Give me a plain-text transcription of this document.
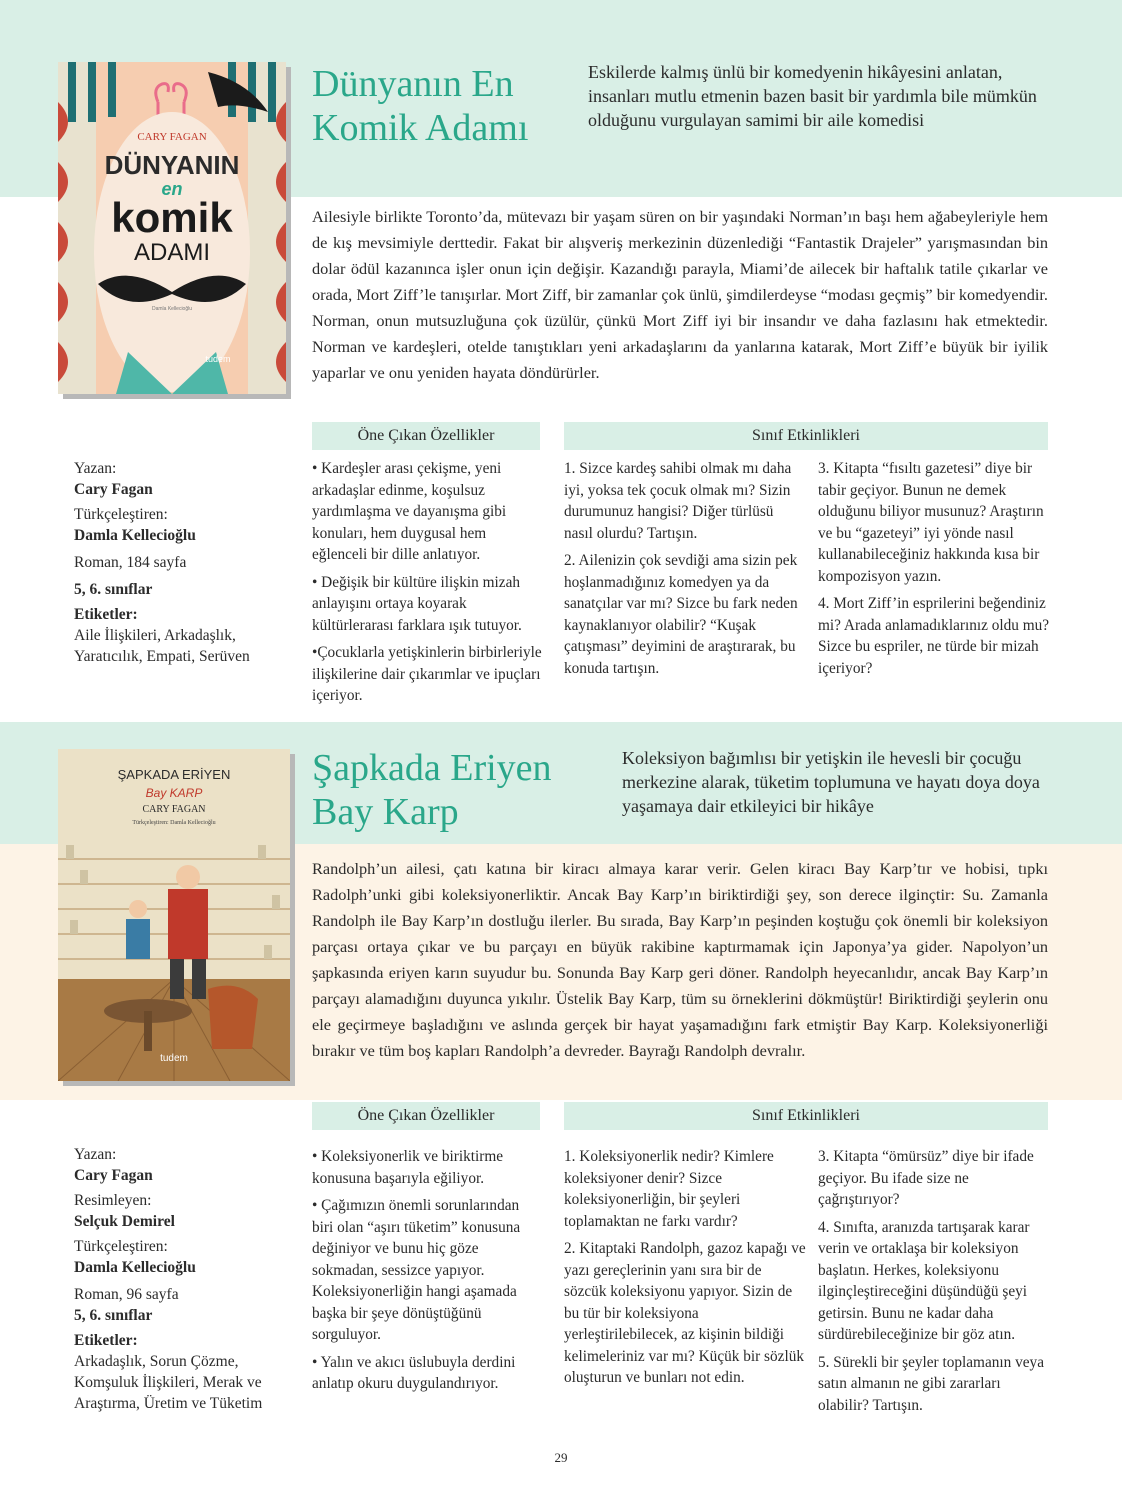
CARY FAGAN
DÜNYANIN
en
komik
ADAMI
Damla Kellecioğlu
tudem
Dünyanın En
Komik Adamı

Eskilerde kalmış ünlü bir komedyenin hikâyesini anlatan, insanları mutlu etmenin bazen basit bir yardımla bile mümkün olduğunu vurgulayan samimi bir aile komedisi

Ailesiyle birlikte Toronto’da, mütevazı bir yaşam süren on bir yaşındaki Norman’ın başı hem ağabeyleriyle hem de kış mevsimiyle derttedir. Fakat bir alışveriş merkezinin düzenlediği “Fantastik Drajeler” yarışmasından bin dolar ödül kazanınca işler onun için değişir. Kazandığı parayla, Miami’de ailecek bir haftalık tatile çıkarlar ve orada, Mort Ziff’le tanışırlar. Mort Ziff, bir zamanlar çok ünlü, şimdilerdeyse “modası geçmiş” bir komedyendir. Norman, onun mutsuzluğuna çok üzülür, çünkü Mort Ziff iyi bir insandır ve daha fazlasını hak etmektedir. Norman ve kardeşleri, otelde tanıştıkları yeni arkadaşlarını da yanlarına katarak, Mort Ziff’e büyük bir iyilik yaparlar ve onu yeniden hayata döndürürler.

Öne Çıkan Özellikler	Sınıf Etkinlikleri
Yazan:
Cary Fagan
Türkçeleştiren:
Damla Kellecioğlu
Roman, 184 sayfa
5, 6. sınıflar
Etiketler:
Aile İlişkileri, Arkadaşlık, Yaratıcılık, Empati, Serüven

• Kardeşler arası çekişme, yeni arkadaşlar edinme, koşulsuz yardımlaşma ve dayanışma gibi konuları, hem duygusal hem eğlenceli bir dille anlatıyor.

• Değişik bir kültüre ilişkin mizah anlayışını ortaya koyarak kültürlerarası farklara ışık tutuyor.

•Çocuklarla yetişkinlerin birbirleriyle ilişkilerine dair çıkarımlar ve ipuçları içeriyor.

1. Sizce kardeş sahibi olmak mı daha iyi, yoksa tek çocuk olmak mı? Sizin durumunuz hangisi? Diğer türlüsü nasıl olurdu? Tartışın.

2. Ailenizin çok sevdiği ama sizin pek hoşlanmadığınız komedyen ya da sanatçılar var mı? Sizce bu fark neden kaynaklanıyor olabilir? “Kuşak çatışması” deyimini de araştırarak, bu konuda tartışın.

3. Kitapta “fısıltı gazetesi” diye bir tabir geçiyor. Bunun ne demek olduğunu biliyor musunuz? Araştırın ve bu “gazeteyi” iyi yönde nasıl kullanabileceğiniz hakkında kısa bir kompozisyon yazın.

4. Mort Ziff’in esprilerini beğendiniz mi? Arada anlamadıklarınız oldu mu? Sizce bu espriler, ne türde bir mizah içeriyor?

ŞAPKADA ERİYEN
Bay KARP
CARY FAGAN
Türkçeleştiren: Damla Kellecioğlu
tudem
Şapkada Eriyen
Bay Karp

Koleksiyon bağımlısı bir yetişkin ile hevesli bir çocuğu merkezine alarak, tüketim toplumuna ve hayatı doya doya yaşamaya dair etkileyici bir hikâye

Randolph’un ailesi, çatı katına bir kiracı almaya karar verir. Gelen kiracı Bay Karp’tır ve hobisi, tıpkı Radolph’unki gibi koleksiyonerliktir. Ancak Bay Karp’ın biriktirdiği şey, son derece ilginçtir: Su. Zamanla Randolph ile Bay Karp’ın dostluğu ilerler. Bu sırada, Bay Karp’ın peşinden koştuğu çok önemli bir koleksiyon parçası ortaya çıkar ve bu parçayı en büyük rakibine kaptırmamak için Japonya’ya gider. Napolyon’un şapkasında eriyen karın suyudur bu. Sonunda Bay Karp geri döner. Randolph heyecanlıdır, ancak Bay Karp’ın parçayı alamadığını duyunca yıkılır. Üstelik Bay Karp, tüm su örneklerini dökmüştür! Biriktirdiği şeylerin onu ele geçirmeye başladığını ve aslında gerçek bir hayat yaşamadığını fark etmiştir Bay Karp. Koleksiyonerliği bırakır ve tüm boş kapları Randolph’a devreder. Bayrağı Randolph devralır.

Öne Çıkan Özellikler	Sınıf Etkinlikleri
Yazan:
Cary Fagan
Resimleyen:
Selçuk Demirel
Türkçeleştiren:
Damla Kellecioğlu
Roman, 96 sayfa
5, 6. sınıflar
Etiketler:
Arkadaşlık, Sorun Çözme, Komşuluk İlişkileri, Merak ve Araştırma, Üretim ve Tüketim

• Koleksiyonerlik ve biriktirme konusuna başarıyla eğiliyor.

• Çağımızın önemli sorunlarından biri olan “aşırı tüketim” konusuna değiniyor ve bunu hiç göze sokmadan, sessizce yapıyor. Koleksiyonerliğin hangi aşamada başka bir şeye dönüştüğünü sorguluyor.

• Yalın ve akıcı üslubuyla derdini anlatıp okuru duygulandırıyor.

1. Koleksiyonerlik nedir? Kimlere koleksiyoner denir? Sizce koleksiyonerliğin, bir şeyleri toplamaktan ne farkı vardır?

2. Kitaptaki Randolph, gazoz kapağı ve yazı gereçlerinin yanı sıra bir de sözcük koleksiyonu yapıyor. Sizin de bu tür bir koleksiyona yerleştirilebilecek, az kişinin bildiği kelimeleriniz var mı? Küçük bir sözlük oluşturun ve bunları not edin.

3. Kitapta “ömürsüz” diye bir ifade geçiyor. Bu ifade size ne çağrıştırıyor?

4. Sınıfta, aranızda tartışarak karar verin ve ortaklaşa bir koleksiyon başlatın. Herkes, koleksiyonu ilginçleştireceğini düşündüğü şeyi getirsin. Bunu ne kadar daha sürdürebileceğinize bir göz atın.

5. Sürekli bir şeyler toplamanın veya satın almanın ne gibi zararları olabilir? Tartışın.

29
